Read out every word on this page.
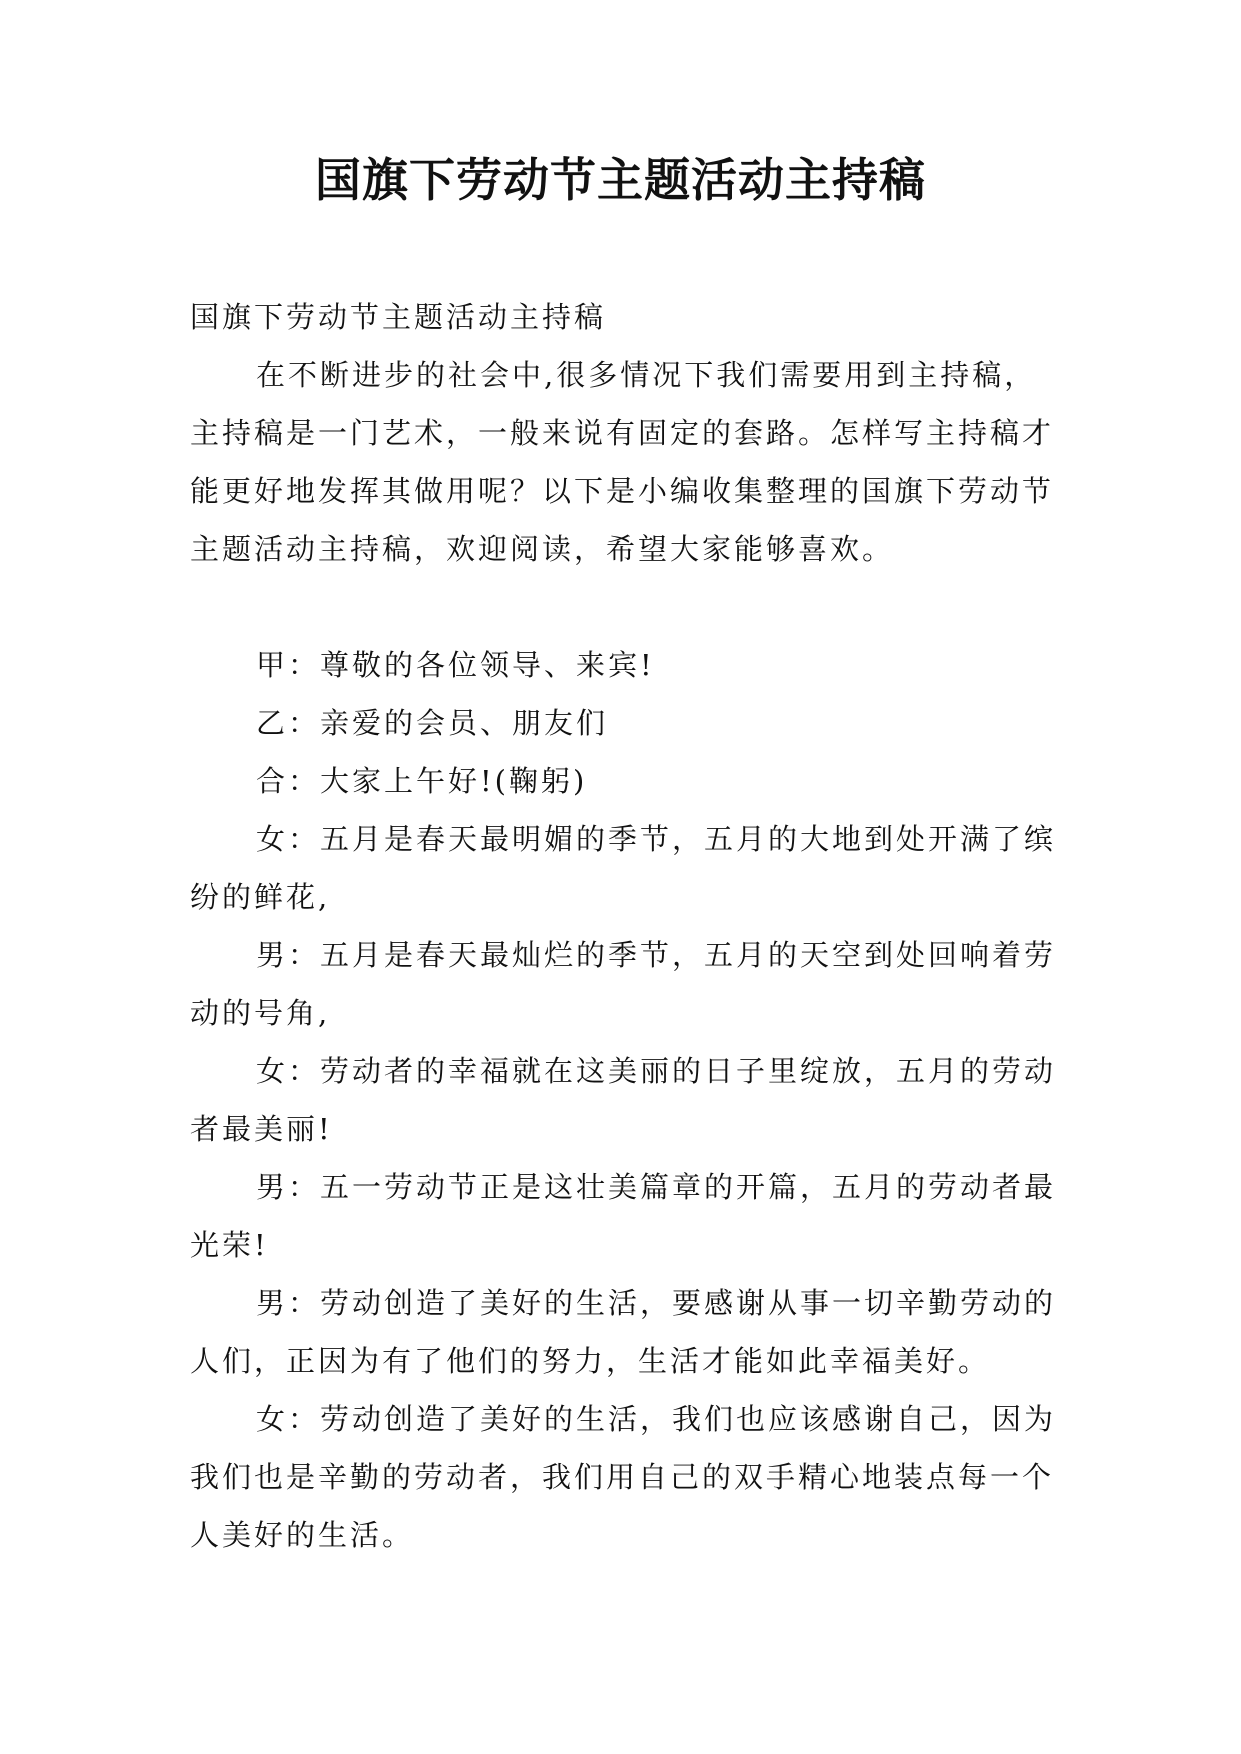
国旗下劳动节主题活动主持稿

国旗下劳动节主题活动主持稿

在不断进步的社会中,很多情况下我们需要用到主持稿，主持稿是一门艺术，一般来说有固定的套路。怎样写主持稿才能更好地发挥其做用呢？以下是小编收集整理的国旗下劳动节主题活动主持稿，欢迎阅读，希望大家能够喜欢。

甲：尊敬的各位领导、来宾!

乙：亲爱的会员、朋友们

合：大家上午好!(鞠躬)

女：五月是春天最明媚的季节，五月的大地到处开满了缤纷的鲜花,

男：五月是春天最灿烂的季节，五月的天空到处回响着劳动的号角,

女：劳动者的幸福就在这美丽的日子里绽放，五月的劳动者最美丽!

男：五一劳动节正是这壮美篇章的开篇，五月的劳动者最光荣!

男：劳动创造了美好的生活，要感谢从事一切辛勤劳动的人们，正因为有了他们的努力，生活才能如此幸福美好。

女：劳动创造了美好的生活，我们也应该感谢自己，因为我们也是辛勤的劳动者，我们用自己的双手精心地装点每一个人美好的生活。
